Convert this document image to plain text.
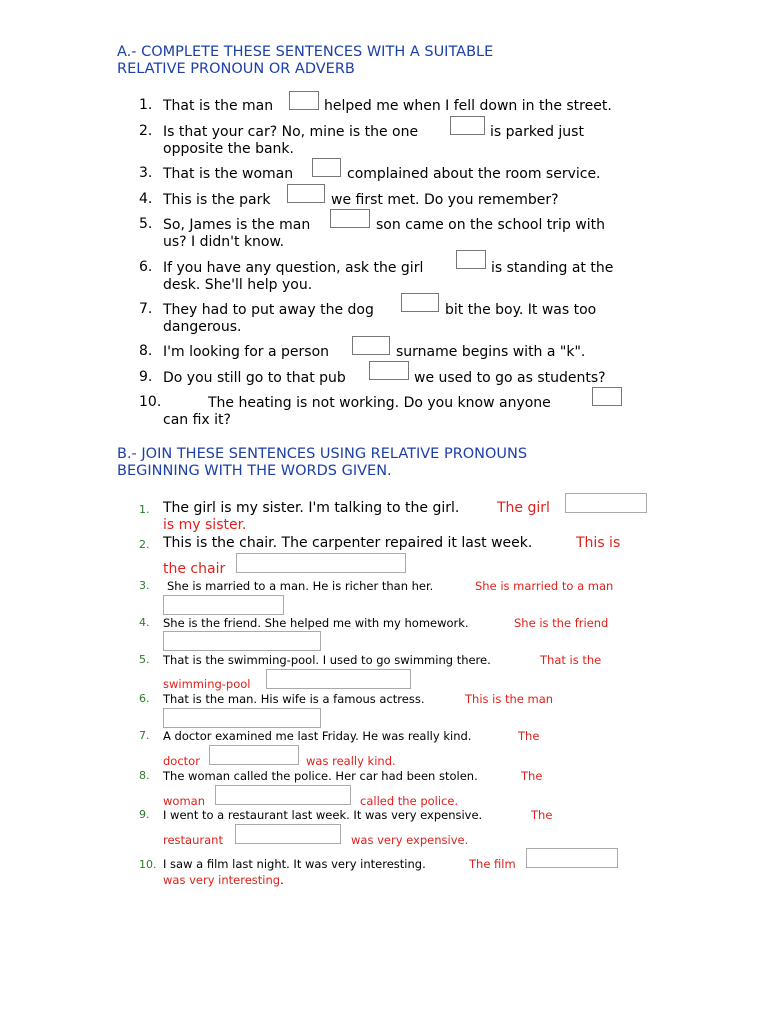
A.- COMPLETE THESE SENTENCES WITH A SUITABLE
RELATIVE PRONOUN OR ADVERB
1. That is the man	helped me when I fell down in the street.
2. Is that your car? No, mine is the one	is parked just
opposite the bank.
3. That is the woman	complained about the room service.
4. This is the park	we first met. Do you remember?
5. So, James is the man	son came on the school trip with
us? I didn't know.
6. If you have any question, ask the girl	is standing at the
desk. She'll help you.
7. They had to put away the dog	bit the boy. It was too
dangerous.
8. I'm looking for a person	surname begins with a "k".
9. Do you still go to that pub	we used to go as students?
10.	The heating is not working. Do you know anyone
can fix it?
B.- JOIN THESE SENTENCES USING RELATIVE PRONOUNS
BEGINNING WITH THE WORDS GIVEN.
1. The girl is my sister. I'm talking to the girl.	The girl
is my sister.
2. This is the chair. The carpenter repaired it last week.	This is
the chair
3. She is married to a man. He is richer than her.	She is married to a man
4. She is the friend. She helped me with my homework.	She is the friend
5. That is the swimming-pool. I used to go swimming there.	That is the
swimming-pool
6. That is the man. His wife is a famous actress.	This is the man
7. A doctor examined me last Friday. He was really kind.	The
doctor	was really kind.
8. The woman called the police. Her car had been stolen.	The
woman	called the police.
9. I went to a restaurant last week. It was very expensive.	The
restaurant	was very expensive.
10. I saw a film last night. It was very interesting.	The film
was very interesting.
